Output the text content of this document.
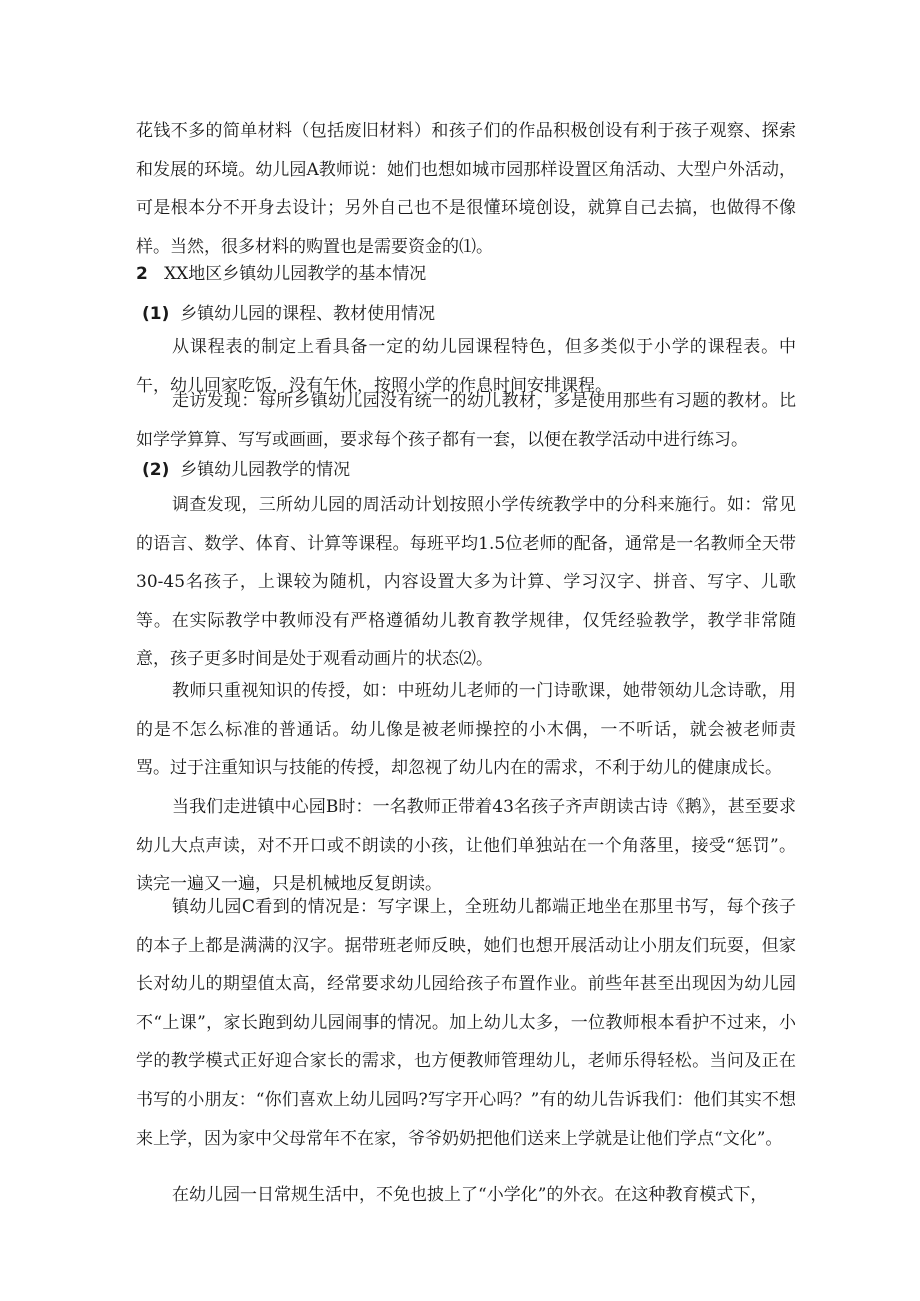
花钱不多的简单材料（包括废旧材料）和孩子们的作品积极创设有利于孩子观察、探索和发展的环境。幼儿园A教师说：她们也想如城市园那样设置区角活动、大型户外活动，可是根本分不开身去设计；另外自己也不是很懂环境创设，就算自己去搞，也做得不像样。当然，很多材料的购置也是需要资金的⑴。

2 XX地区乡镇幼儿园教学的基本情况
(1) 乡镇幼儿园的课程、教材使用情况

从课程表的制定上看具备一定的幼儿园课程特色，但多类似于小学的课程表。中午，幼儿回家吃饭，没有午休，按照小学的作息时间安排课程。

走访发现：每所乡镇幼儿园没有统一的幼儿教材，多是使用那些有习题的教材。比如学学算算、写写或画画，要求每个孩子都有一套，以便在教学活动中进行练习。

(2) 乡镇幼儿园教学的情况

调查发现，三所幼儿园的周活动计划按照小学传统教学中的分科来施行。如：常见的语言、数学、体育、计算等课程。每班平均1.5位老师的配备，通常是一名教师全天带30-45名孩子，上课较为随机，内容设置大多为计算、学习汉字、拼音、写字、儿歌等。在实际教学中教师没有严格遵循幼儿教育教学规律，仅凭经验教学，教学非常随意，孩子更多时间是处于观看动画片的状态⑵。

教师只重视知识的传授，如：中班幼儿老师的一门诗歌课，她带领幼儿念诗歌，用的是不怎么标准的普通话。幼儿像是被老师操控的小木偶，一不听话，就会被老师责骂。过于注重知识与技能的传授，却忽视了幼儿内在的需求，不利于幼儿的健康成长。

当我们走进镇中心园B时：一名教师正带着43名孩子齐声朗读古诗《鹅》，甚至要求幼儿大点声读，对不开口或不朗读的小孩，让他们单独站在一个角落里，接受“惩罚”。读完一遍又一遍，只是机械地反复朗读。

镇幼儿园C看到的情况是：写字课上，全班幼儿都端正地坐在那里书写，每个孩子的本子上都是满满的汉字。据带班老师反映，她们也想开展活动让小朋友们玩耍，但家长对幼儿的期望值太高，经常要求幼儿园给孩子布置作业。前些年甚至出现因为幼儿园不“上课”，家长跑到幼儿园闹事的情况。加上幼儿太多，一位教师根本看护不过来，小学的教学模式正好迎合家长的需求，也方便教师管理幼儿，老师乐得轻松。当问及正在书写的小朋友：“你们喜欢上幼儿园吗?写字开心吗？”有的幼儿告诉我们：他们其实不想来上学，因为家中父母常年不在家，爷爷奶奶把他们送来上学就是让他们学点“文化”。

在幼儿园一日常规生活中，不免也披上了“小学化”的外衣。在这种教育模式下，
